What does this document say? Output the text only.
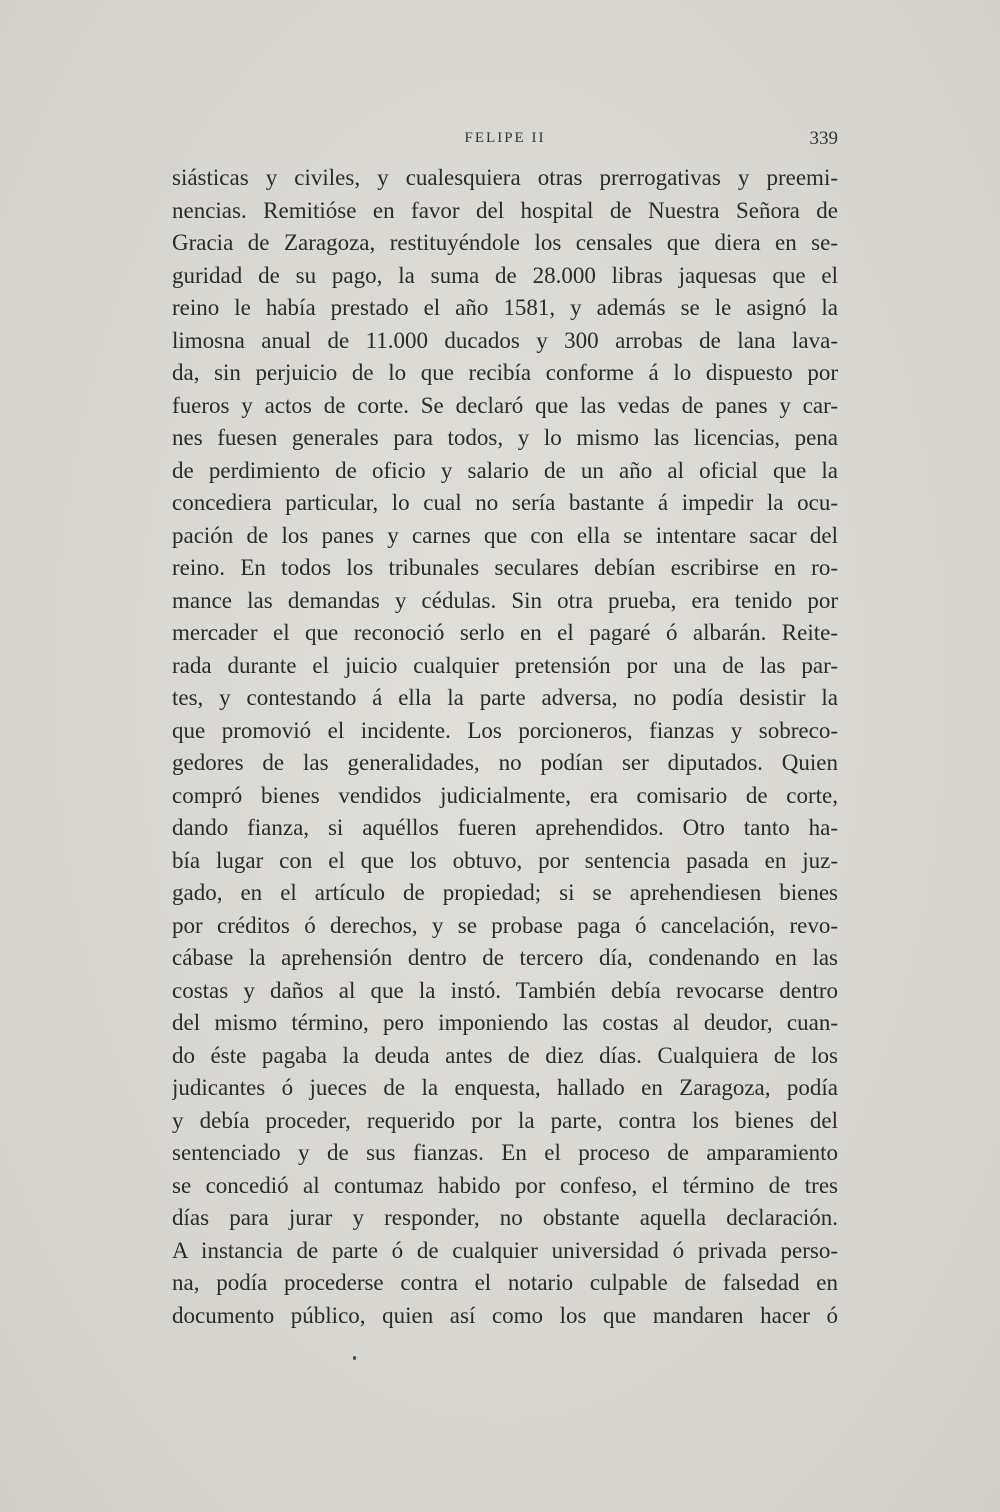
FELIPE II	339
siásticas y civiles, y cualesquiera otras prerrogativas y preemi-
nencias. Remitióse en favor del hospital de Nuestra Señora de
Gracia de Zaragoza, restituyéndole los censales que diera en se-
guridad de su pago, la suma de 28.000 libras jaquesas que el
reino le había prestado el año 1581, y además se le asignó la
limosna anual de 11.000 ducados y 300 arrobas de lana lava-
da, sin perjuicio de lo que recibía conforme á lo dispuesto por
fueros y actos de corte. Se declaró que las vedas de panes y car-
nes fuesen generales para todos, y lo mismo las licencias, pena
de perdimiento de oficio y salario de un año al oficial que la
concediera particular, lo cual no sería bastante á impedir la ocu-
pación de los panes y carnes que con ella se intentare sacar del
reino. En todos los tribunales seculares debían escribirse en ro-
mance las demandas y cédulas. Sin otra prueba, era tenido por
mercader el que reconoció serlo en el pagaré ó albarán. Reite-
rada durante el juicio cualquier pretensión por una de las par-
tes, y contestando á ella la parte adversa, no podía desistir la
que promovió el incidente. Los porcioneros, fianzas y sobreco-
gedores de las generalidades, no podían ser diputados. Quien
compró bienes vendidos judicialmente, era comisario de corte,
dando fianza, si aquéllos fueren aprehendidos. Otro tanto ha-
bía lugar con el que los obtuvo, por sentencia pasada en juz-
gado, en el artículo de propiedad; si se aprehendiesen bienes
por créditos ó derechos, y se probase paga ó cancelación, revo-
cábase la aprehensión dentro de tercero día, condenando en las
costas y daños al que la instó. También debía revocarse dentro
del mismo término, pero imponiendo las costas al deudor, cuan-
do éste pagaba la deuda antes de diez días. Cualquiera de los
judicantes ó jueces de la enquesta, hallado en Zaragoza, podía
y debía proceder, requerido por la parte, contra los bienes del
sentenciado y de sus fianzas. En el proceso de amparamiento
se concedió al contumaz habido por confeso, el término de tres
días para jurar y responder, no obstante aquella declaración.
A instancia de parte ó de cualquier universidad ó privada perso-
na, podía procederse contra el notario culpable de falsedad en
documento público, quien así como los que mandaren hacer ó
